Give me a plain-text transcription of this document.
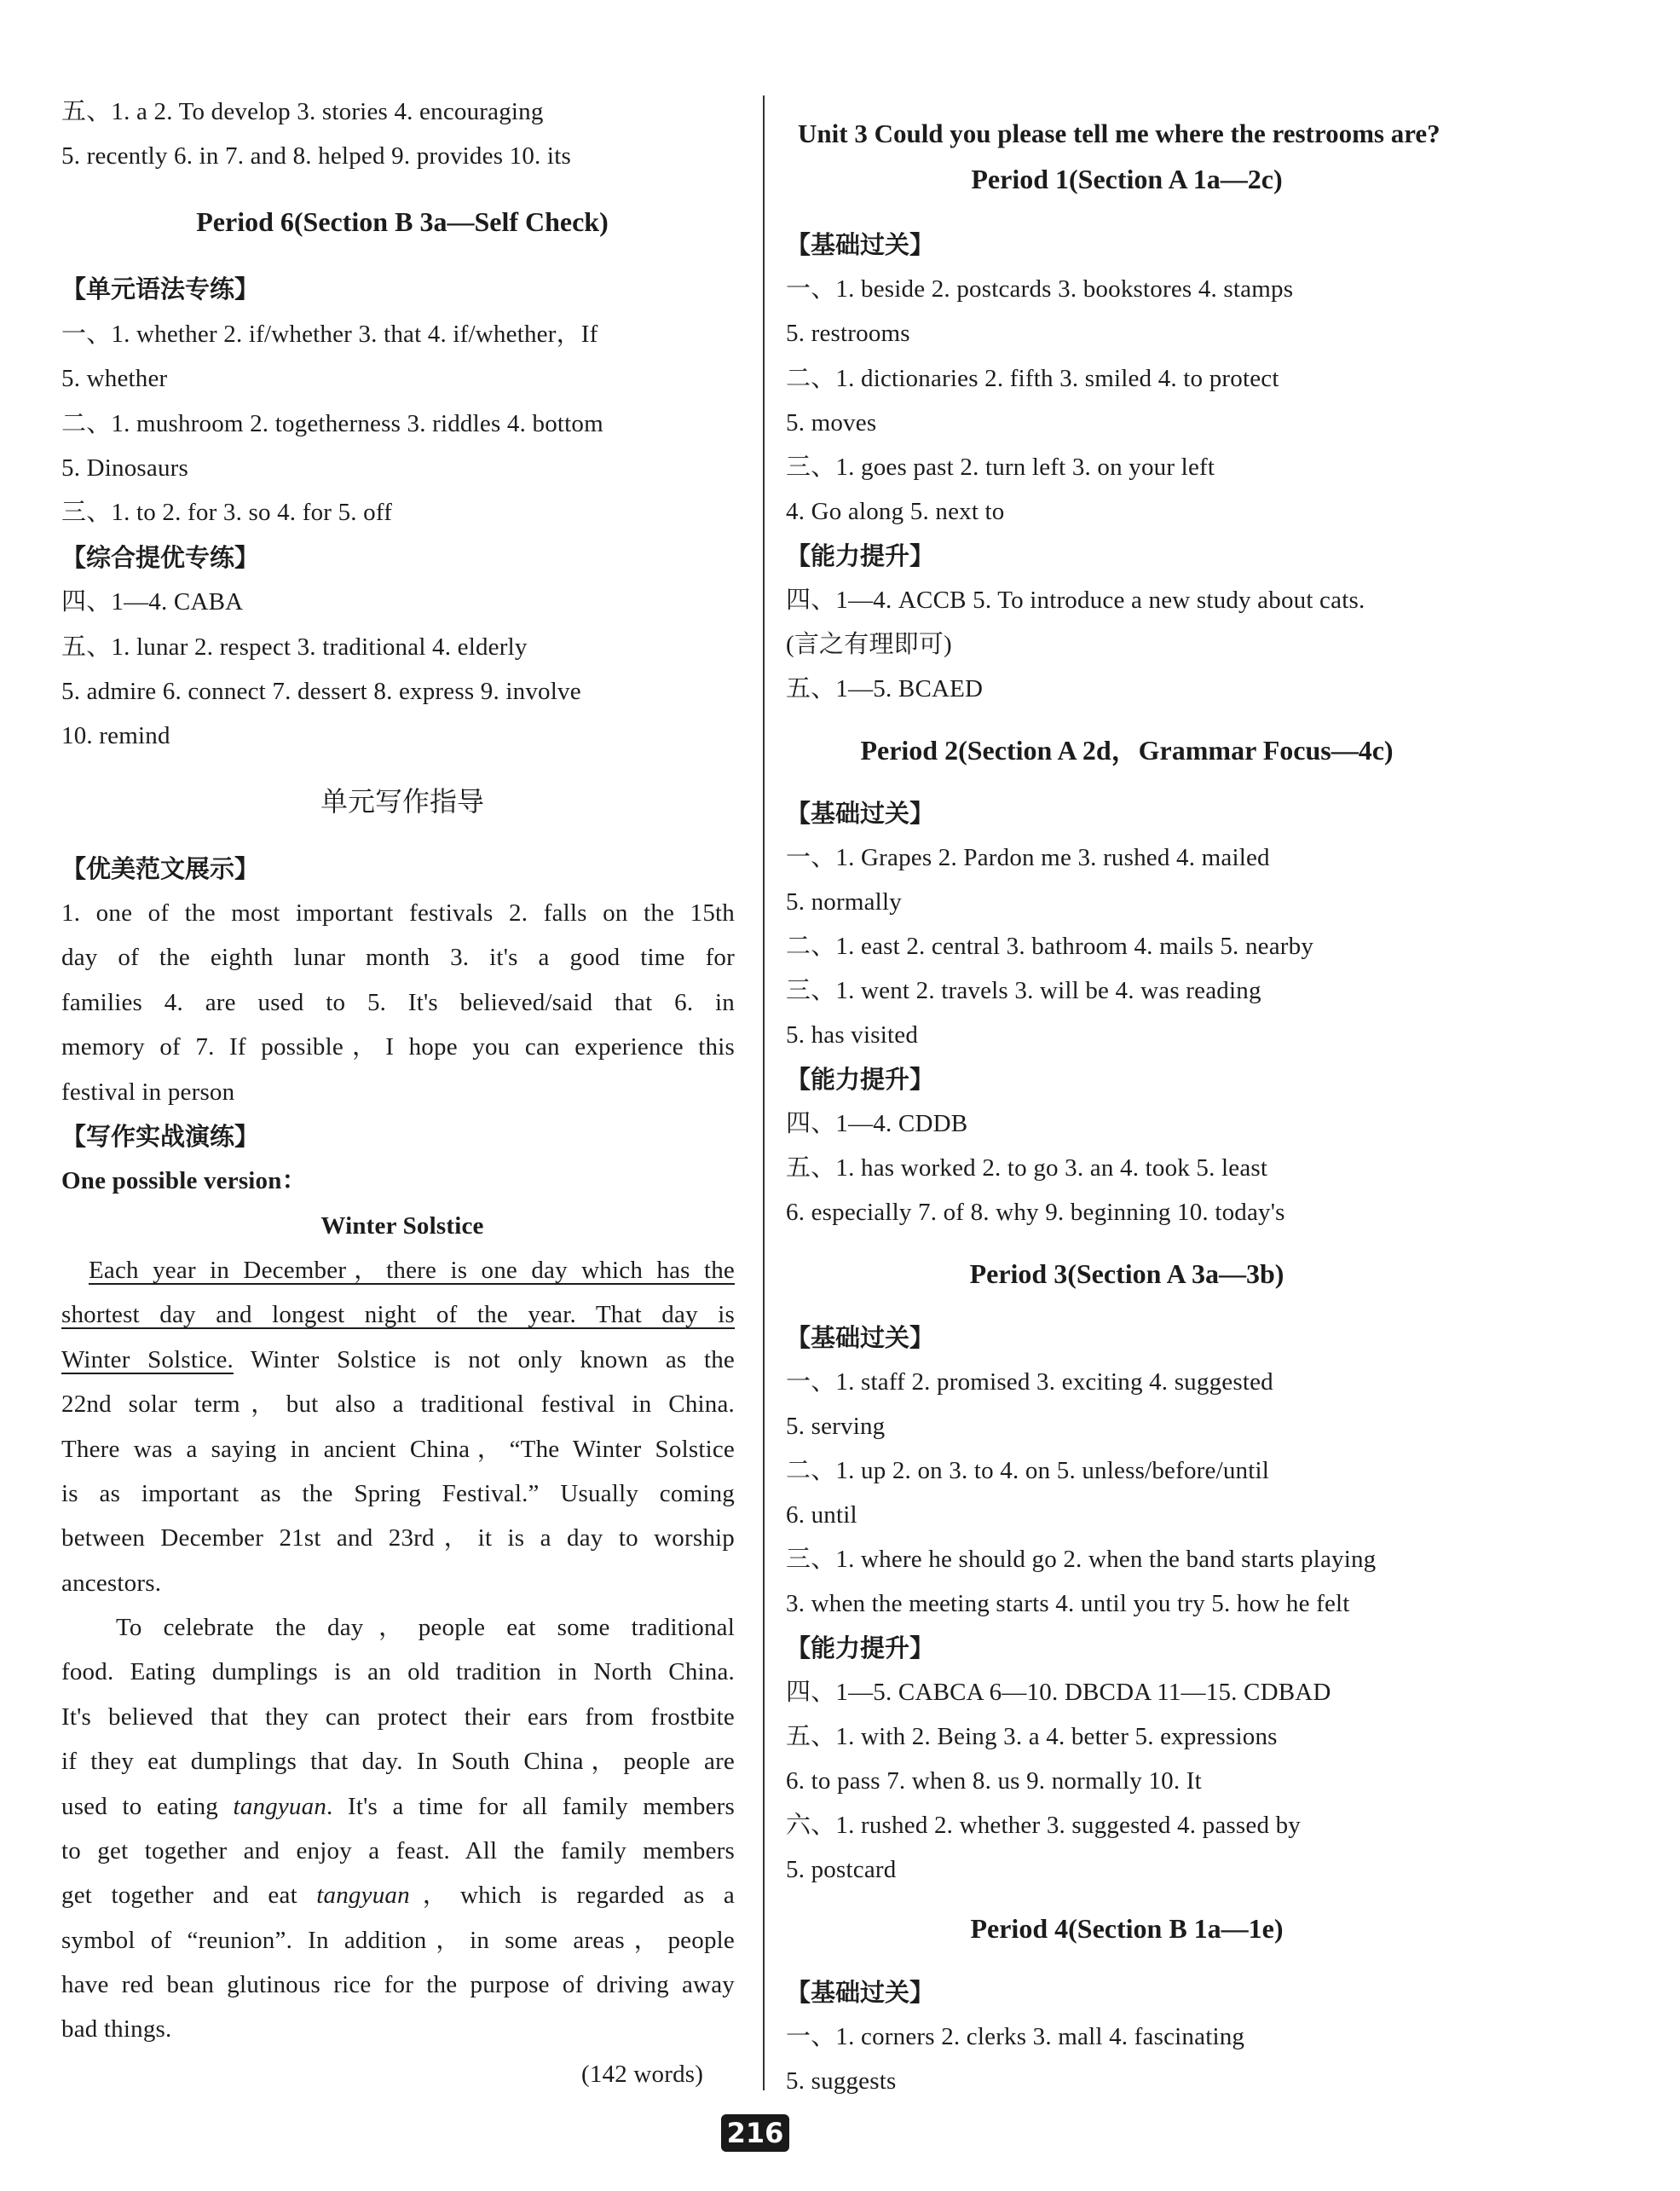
五、1. a 2. To develop 3. stories 4. encouraging
5. recently 6. in 7. and 8. helped 9. provides 10. its
Period 6(Section B 3a—Self Check)
【单元语法专练】
一、1. whether 2. if/whether 3. that 4. if/whether，If
5. whether
二、1. mushroom 2. togetherness 3. riddles 4. bottom
5. Dinosaurs
三、1. to 2. for 3. so 4. for 5. off
【综合提优专练】
四、1—4. CABA
五、1. lunar 2. respect 3. traditional 4. elderly
5. admire 6. connect 7. dessert 8. express 9. involve
10. remind
单元写作指导
【优美范文展示】
1. one of the most important festivals 2. falls on the 15th
day of the eighth lunar month 3. it's a good time for
families 4. are used to 5. It's believed/said that 6. in
memory of 7. If possible，I hope you can experience this
festival in person
【写作实战演练】
One possible version：
Winter Solstice
Each year in December，there is one day which has the
shortest day and longest night of the year. That day is
Winter Solstice. Winter Solstice is not only known as the
22nd solar term，but also a traditional festival in China.
There was a saying in ancient China，“The Winter Solstice
is as important as the Spring Festival.” Usually coming
between December 21st and 23rd，it is a day to worship
ancestors.
To celebrate the day，people eat some traditional
food. Eating dumplings is an old tradition in North China.
It's believed that they can protect their ears from frostbite
if they eat dumplings that day. In South China，people are
used to eating tangyuan. It's a time for all family members
to get together and enjoy a feast. All the family members
get together and eat tangyuan，which is regarded as a
symbol of “reunion”. In addition，in some areas，people
have red bean glutinous rice for the purpose of driving away
bad things.
(142 words)
Unit 3 Could you please tell me where the restrooms are?
Period 1(Section A 1a—2c)
【基础过关】
一、1. beside 2. postcards 3. bookstores 4. stamps
5. restrooms
二、1. dictionaries 2. fifth 3. smiled 4. to protect
5. moves
三、1. goes past 2. turn left 3. on your left
4. Go along 5. next to
【能力提升】
四、1—4. ACCB 5. To introduce a new study about cats.
(言之有理即可)
五、1—5. BCAED
Period 2(Section A 2d，Grammar Focus—4c)
【基础过关】
一、1. Grapes 2. Pardon me 3. rushed 4. mailed
5. normally
二、1. east 2. central 3. bathroom 4. mails 5. nearby
三、1. went 2. travels 3. will be 4. was reading
5. has visited
【能力提升】
四、1—4. CDDB
五、1. has worked 2. to go 3. an 4. took 5. least
6. especially 7. of 8. why 9. beginning 10. today's
Period 3(Section A 3a—3b)
【基础过关】
一、1. staff 2. promised 3. exciting 4. suggested
5. serving
二、1. up 2. on 3. to 4. on 5. unless/before/until
6. until
三、1. where he should go 2. when the band starts playing
3. when the meeting starts 4. until you try 5. how he felt
【能力提升】
四、1—5. CABCA 6—10. DBCDA 11—15. CDBAD
五、1. with 2. Being 3. a 4. better 5. expressions
6. to pass 7. when 8. us 9. normally 10. It
六、1. rushed 2. whether 3. suggested 4. passed by
5. postcard
Period 4(Section B 1a—1e)
【基础过关】
一、1. corners 2. clerks 3. mall 4. fascinating
5. suggests
216
